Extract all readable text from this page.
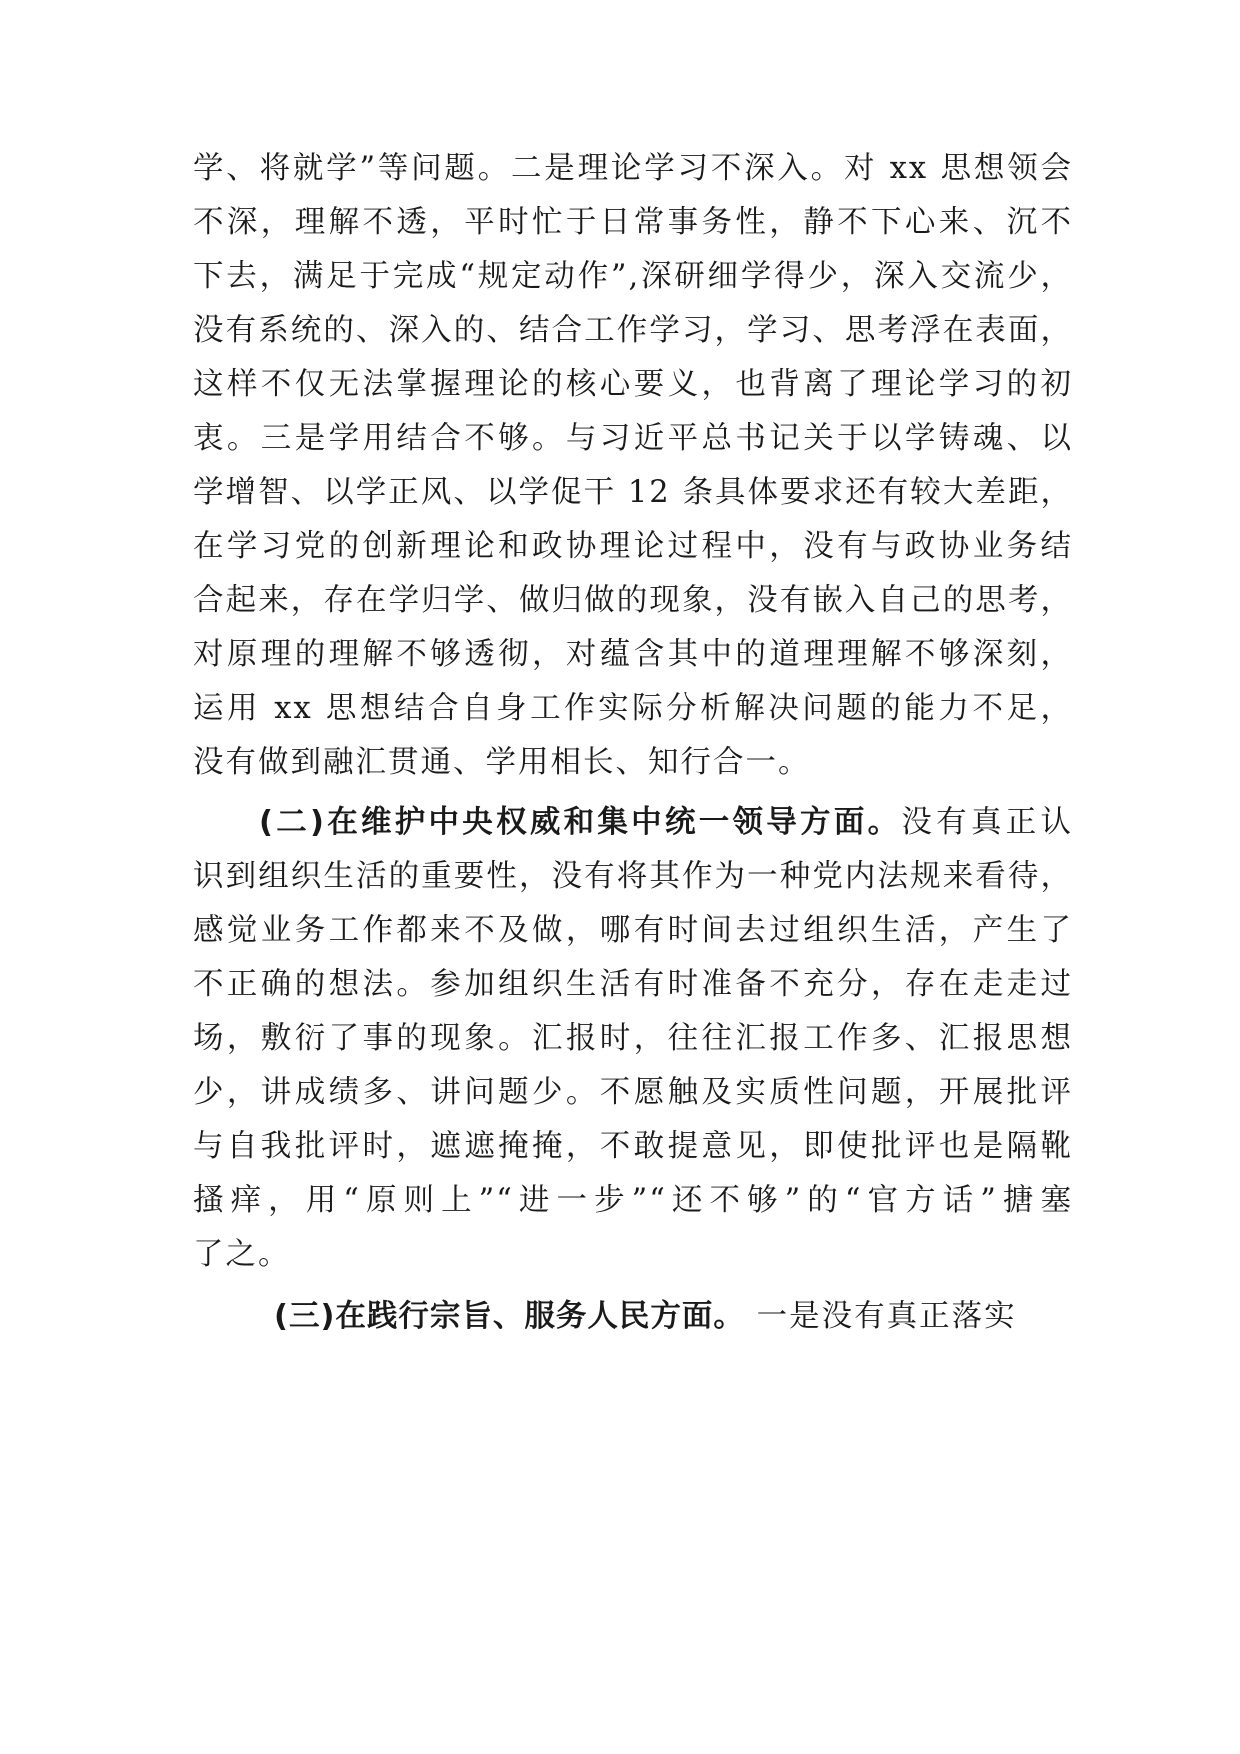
学、将就学”等问题。二是理论学习不深入。对 xx 思想领会
不深，理解不透，平时忙于日常事务性，静不下心来、沉不
下去，满足于完成“规定动作”,深研细学得少，深入交流少，
没有系统的、深入的、结合工作学习，学习、思考浮在表面，
这样不仅无法掌握理论的核心要义，也背离了理论学习的初
衷。三是学用结合不够。与习近平总书记关于以学铸魂、以
学增智、以学正风、以学促干 12 条具体要求还有较大差距，
在学习党的创新理论和政协理论过程中，没有与政协业务结
合起来，存在学归学、做归做的现象，没有嵌入自己的思考，
对原理的理解不够透彻，对蕴含其中的道理理解不够深刻，
运用 xx 思想结合自身工作实际分析解决问题的能力不足，
没有做到融汇贯通、学用相长、知行合一。
(二)在维护中央权威和集中统一领导方面。没有真正认
识到组织生活的重要性，没有将其作为一种党内法规来看待，
感觉业务工作都来不及做，哪有时间去过组织生活，产生了
不正确的想法。参加组织生活有时准备不充分，存在走走过
场，敷衍了事的现象。汇报时，往往汇报工作多、汇报思想
少，讲成绩多、讲问题少。不愿触及实质性问题，开展批评
与自我批评时，遮遮掩掩，不敢提意见，即使批评也是隔靴
搔痒，用“原则上”“进一步”“还不够”的“官方话”搪塞
了之。
(三)在践行宗旨、服务人民方面。 一是没有真正落实
